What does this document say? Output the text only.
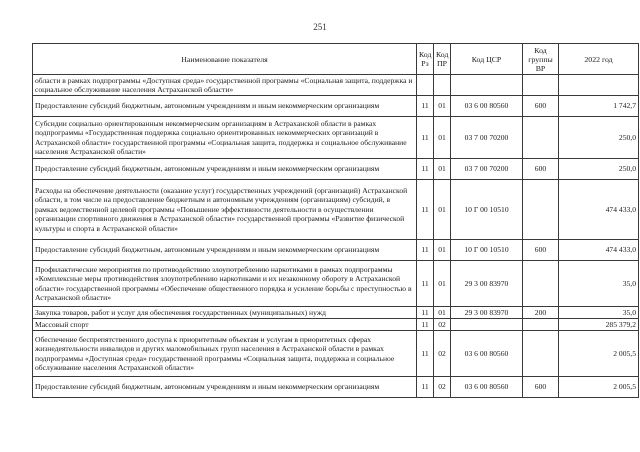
251
Наименование показателя	Код Рз	Код ПР	Код ЦСР	Код группы ВР	2022 год
области в рамках подпрограммы «Доступная среда» государственной программы «Социальная защита, поддержка и социальное обслуживание населения Астраханской области»					
Предоставление субсидий бюджетным, автономным учреждениям и иным некоммерческим организациям	11	01	03 6 00 80560	600	1 742,7
Субсидии социально ориентированным некоммерческим организациям в Астраханской области в рамках подпрограммы «Государственная поддержка социально ориентированных некоммерческих организаций в Астраханской области» государственной программы «Социальная защита, поддержка и социальное обслуживание населения Астраханской области»	11	01	03 7 00 70200		250,0
Предоставление субсидий бюджетным, автономным учреждениям и иным некоммерческим организациям	11	01	03 7 00 70200	600	250,0
Расходы на обеспечение деятельности (оказание услуг) государственных учреждений (организаций) Астраханской области, в том числе на предоставление бюджетным и автономным учреждениям (организациям) субсидий, в рамках ведомственной целевой программы «Повышение эффективности деятельности в осуществлении организации спортивного движения в Астраханской области» государственной программы «Развитие физической культуры и спорта в Астраханской области»	11	01	10 Г 00 10510		474 433,0
Предоставление субсидий бюджетным, автономным учреждениям и иным некоммерческим организациям	11	01	10 Г 00 10510	600	474 433,0
Профилактические мероприятия по противодействию злоупотреблению наркотиками в рамках подпрограммы «Комплексные меры противодействия злоупотреблению наркотиками и их незаконному обороту в Астраханской области» государственной программы «Обеспечение общественного порядка и усиление борьбы с преступностью в Астраханской области»	11	01	29 3 00 83970		35,0
Закупка товаров, работ и услуг для обеспечения государственных (муниципальных) нужд	11	01	29 3 00 83970	200	35,0
Массовый спорт	11	02			285 379,2
Обеспечение беспрепятственного доступа к приоритетным объектам и услугам в приоритетных сферах жизнедеятельности инвалидов и других маломобильных групп населения в Астраханской области в рамках подпрограммы «Доступная среда» государственной программы «Социальная защита, поддержка и социальное обслуживание населения Астраханской области»	11	02	03 6 00 80560		2 005,5
Предоставление субсидий бюджетным, автономным учреждениям и иным некоммерческим организациям	11	02	03 6 00 80560	600	2 005,5
